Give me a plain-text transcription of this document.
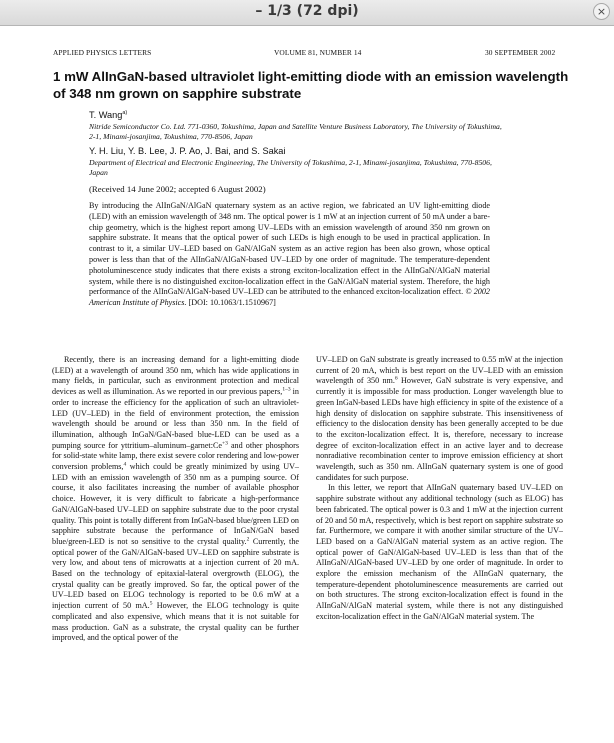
– 1/3 (72 dpi)	×
APPLIED PHYSICS LETTERS	VOLUME 81, NUMBER 14	30 SEPTEMBER 2002
1 mW AlInGaN-based ultraviolet light-emitting diode with an emission wavelength of 348 nm grown on sapphire substrate
T. Wang$^{a)}$
Nitride Semiconductor Co. Ltd. 771-0360, Tokushima, Japan and Satellite Venture Business Laboratory, The University of Tokushima, 2-1, Minami-josanjima, Tokushima, 770-8506, Japan
Y. H. Liu, Y. B. Lee, J. P. Ao, J. Bai, and S. Sakai
Department of Electrical and Electronic Engineering, The University of Tokushima, 2-1, Minami-josanjima, Tokushima, 770-8506, Japan
(Received 14 June 2002; accepted 6 August 2002)
By introducing the AlInGaN/AlGaN quaternary system as an active region, we fabricated an UV light-emitting diode (LED) with an emission wavelength of 348 nm. The optical power is 1 mW at an injection current of 50 mA under a bare-chip geometry, which is the highest report among UV–LEDs with an emission wavelength of around 350 nm grown on sapphire substrate. It means that the optical power of such LEDs is high enough to be used in practical application. In contrast to it, a similar UV–LED based on GaN/AlGaN system as an active region has been also grown, whose optical power is less than that of the AlInGaN/AlGaN-based UV–LED by one order of magnitude. The temperature-dependent photoluminescence study indicates that there exists a strong exciton-localization effect in the AlInGaN/AlGaN material system, while there is no distinguished exciton-localization effect in the GaN/AlGaN material system. Therefore, the high performance of the AlInGaN/AlGaN-based UV–LED can be attributed to the enhanced exciton-localization effect. © 2002 American Institute of Physics. [DOI: 10.1063/1.1510967]

Recently, there is an increasing demand for a light-emitting diode (LED) at a wavelength of around 350 nm, which has wide applications in many fields, in particular, such as environment protection and medical devices as well as illumination. As we reported in our previous papers,$^{1-3}$ in order to increase the efficiency for the application of such an ultraviolet-LED (UV–LED) in the field of environment protection, the emission wavelength should be around or less than 350 nm. In the field of illumination, although InGaN/GaN-based blue-LED can be used as a pumping source for yttritium–$aluminum-garnet:Ce^{+3}$ and other phosphors for solid-state white lamp, there exist severe color rendering and low-power conversion problems,$^4$ which could be greatly minimized by using UV–LED with an emission wavelength of 350 nm as a pumping source. Of course, it also facilitates increasing the number of available phosphor choice. However, it is very difficult to fabricate a high-performance GaN/AlGaN-based UV–LED on sapphire substrate due to the poor crystal quality. This point is totally different from InGaN-based blue/green LED on sapphire substrate because the performance of InGaN/GaN based blue/green-LED is not so sensitive to the crystal quality.$^2$ Currently, the optical power of the GaN/AlGaN-based UV–LED on sapphire substrate is very low, and about tens of microwatts at a injection current of 20 mA. Based on the technology of epitaxial-lateral overgrowth (ELOG), the crystal quality can be greatly improved. So far, the optical power of the UV–LED based on ELOG technology is reported to be 0.6 mW at a injection current of 50 mA.$^5$ However, the ELOG technology is quite complicated and also expensive, which means that it is not suitable for mass production. GaN as a substrate, the crystal quality can be further improved, and the optical power of the

UV–LED on GaN substrate is greatly increased to 0.55 mW at the injection current of 20 mA, which is best report on the UV–LED with an emission wavelength of 350 nm.$^6$ However, GaN substrate is very expensive, and currently it is impossible for mass production. Longer wavelength blue to green InGaN-based LEDs have high efficiency in spite of the existence of a high density of dislocation on sapphire substrate. This insensitiveness of efficiency to the dislocation density has been generally accepted to be due to the exciton-localization effect. It is, therefore, necessary to increase degree of exciton-localization effect in an active layer and to decrease nonradiative recombination center to improve emission efficiency at short wavelength, such as 350 nm. AlInGaN quaternary system is one of good candidates for such purpose.

In this letter, we report that AlInGaN quaternary based UV–LED on sapphire substrate without any additional technology (such as ELOG) has been fabricated. The optical power is 0.3 and 1 mW at the injection current of 20 and 50 mA, respectively, which is best report on sapphire substrate so far. Furthermore, we compare it with another similar structure of the UV–LED based on a GaN/AlGaN material system as an active region. The optical power of GaN/AlGaN-based UV–LED is less than that of the AlInGaN/AlGaN-based UV–LED by one order of magnitude. In order to explore the emission mechanism of the AlInGaN quaternary, the temperature-dependent photoluminescence measurements are carried out on both structures. The strong exciton-localization effect is found in the AlInGaN/AlGaN material system, while there is not any distinguished exciton-localization effect in the GaN/AlGaN material system. The
